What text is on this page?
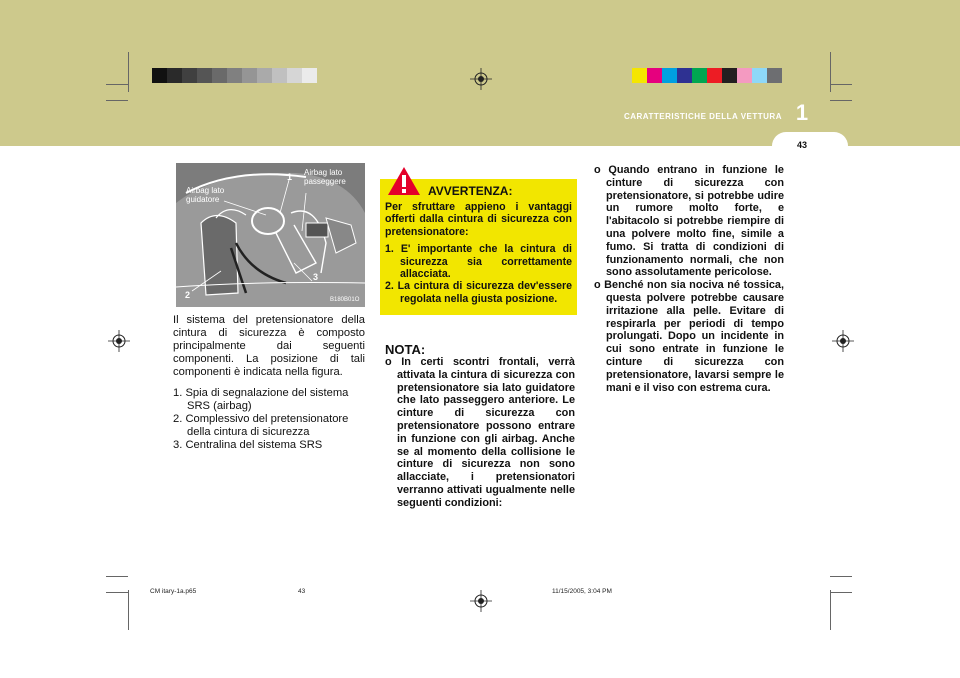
CARATTERISTICHE DELLA VETTURA 1
43
Airbag lato passeggere
Airbag lato guidatore
1
2
3
B180B01O

Il sistema del pretensionatore della cintura di sicurezza è composto principalmente dai seguenti componenti. La posizione di tali componenti è indicata nella figura.

1. Spia di segnalazione del sistema SRS (airbag)
2. Complessivo del pretensionatore della cintura di sicurezza
3. Centralina del sistema SRS
AVVERTENZA:

Per sfruttare appieno i vantaggi offerti dalla cintura di sicurezza con pretensionatore:

1. E' importante che la cintura di sicurezza sia correttamente allacciata.
2. La cintura di sicurezza dev'essere regolata nella giusta posizione.
NOTA:
o In certi scontri frontali, verrà attivata la cintura di sicurezza con pretensionatore sia lato guidatore che lato passeggero anteriore. Le cinture di sicurezza con pretensionatore possono entrare in funzione con gli airbag. Anche se al momento della collisione le cinture di sicurezza non sono allacciate, i pretensionatori verranno attivati ugualmente nelle seguenti condizioni:
o Quando entrano in funzione le cinture di sicurezza con pretensionatore, si potrebbe udire un rumore molto forte, e l'abitacolo si potrebbe riempire di una polvere molto fine, simile a fumo. Si tratta di condizioni di funzionamento normali, che non sono assolutamente pericolose.
o Benché non sia nociva né tossica, questa polvere potrebbe causare irritazione alla pelle. Evitare di respirarla per periodi di tempo prolungati. Dopo un incidente in cui sono entrate in funzione le cinture di sicurezza con pretensionatore, lavarsi sempre le mani e il viso con estrema cura.
CM itary-1a.p65	43	11/15/2005, 3:04 PM
